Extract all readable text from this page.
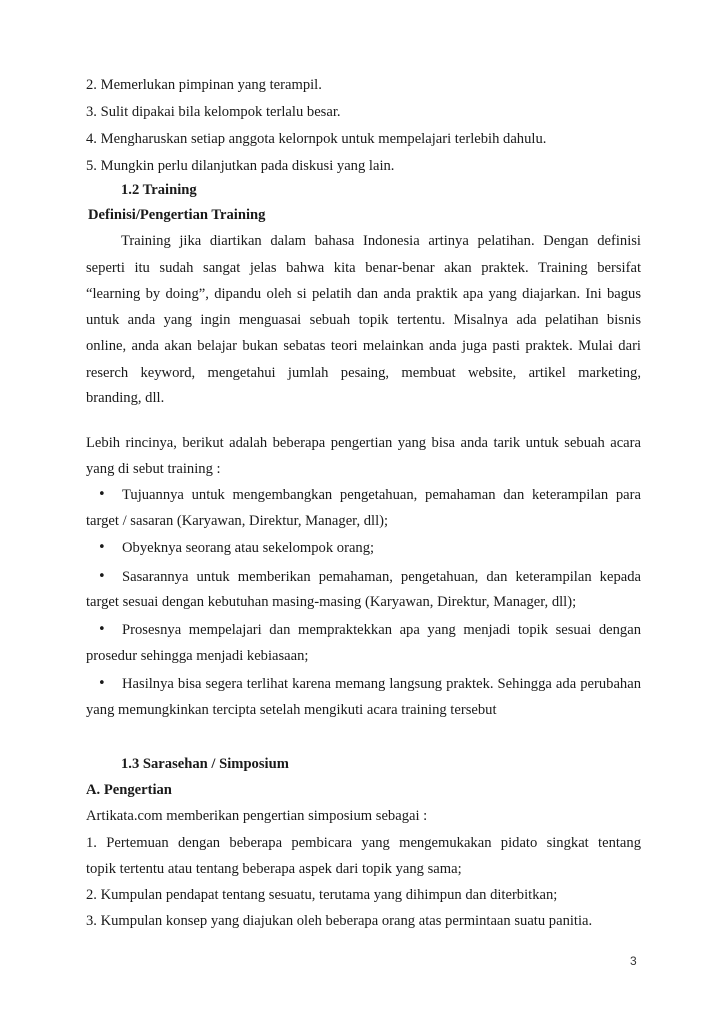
2. Memerlukan pimpinan yang terampil.
3. Sulit dipakai bila kelompok terlalu besar.
4. Mengharuskan setiap anggota kelornpok untuk mempelajari terlebih dahulu.
5. Mungkin perlu dilanjutkan pada diskusi yang lain.
1.2 Training
Definisi/Pengertian Training
Training jika diartikan dalam bahasa Indonesia artinya pelatihan. Dengan definisi
seperti itu sudah sangat jelas bahwa kita benar-benar akan praktek. Training bersifat
“learning by doing”, dipandu oleh si pelatih dan anda praktik apa yang diajarkan. Ini bagus
untuk anda yang ingin menguasai sebuah topik tertentu. Misalnya ada pelatihan bisnis
online, anda akan belajar bukan sebatas teori melainkan anda juga pasti praktek. Mulai dari
reserch keyword, mengetahui jumlah pesaing, membuat website, artikel marketing,
branding, dll.
Lebih rincinya, berikut adalah beberapa pengertian yang bisa anda tarik untuk sebuah acara
yang di sebut training :
• Tujuannya untuk mengembangkan pengetahuan, pemahaman dan keterampilan para
target / sasaran (Karyawan, Direktur, Manager, dll);
• Obyeknya seorang atau sekelompok orang;
• Sasarannya untuk memberikan pemahaman, pengetahuan, dan keterampilan kepada
target sesuai dengan kebutuhan masing-masing (Karyawan, Direktur, Manager, dll);
• Prosesnya mempelajari dan mempraktekkan apa yang menjadi topik sesuai dengan
prosedur sehingga menjadi kebiasaan;
• Hasilnya bisa segera terlihat karena memang langsung praktek. Sehingga ada perubahan
yang memungkinkan tercipta setelah mengikuti acara training tersebut
1.3 Sarasehan / Simposium
A. Pengertian
Artikata.com memberikan pengertian simposium sebagai :
1. Pertemuan dengan beberapa pembicara yang mengemukakan pidato singkat tentang
topik tertentu atau tentang beberapa aspek dari topik yang sama;
2. Kumpulan pendapat tentang sesuatu, terutama yang dihimpun dan diterbitkan;
3. Kumpulan konsep yang diajukan oleh beberapa orang atas permintaan suatu panitia.
3
